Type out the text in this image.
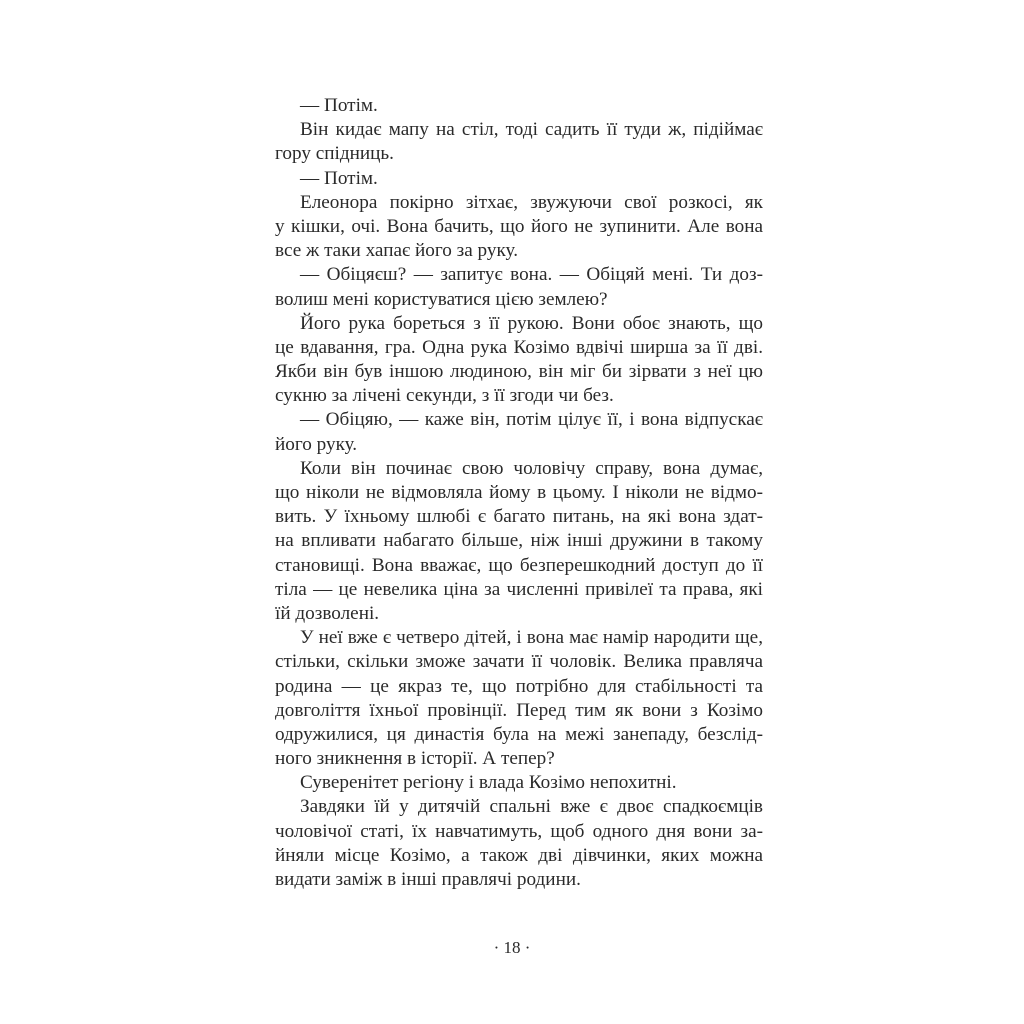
— Потім.
Він кидає мапу на стіл, тоді садить її туди ж, підіймає
гору спідниць.
— Потім.
Елеонора покірно зітхає, звужуючи свої розкосі, як
у кішки, очі. Вона бачить, що його не зупинити. Але вона
все ж таки хапає його за руку.
— Обіцяєш? — запитує вона. — Обіцяй мені. Ти доз-
волиш мені користуватися цією землею?
Його рука бореться з її рукою. Вони обоє знають, що
це вдавання, гра. Одна рука Козімо вдвічі ширша за її дві.
Якби він був іншою людиною, він міг би зірвати з неї цю
сукню за лічені секунди, з її згоди чи без.
— Обіцяю, — каже він, потім цілує її, і вона відпускає
його руку.
Коли він починає свою чоловічу справу, вона думає,
що ніколи не відмовляла йому в цьому. І ніколи не відмо-
вить. У їхньому шлюбі є багато питань, на які вона здат-
на впливати набагато більше, ніж інші дружини в такому
становищі. Вона вважає, що безперешкодний доступ до її
тіла — це невелика ціна за численні привілеї та права, які
їй дозволені.
У неї вже є четверо дітей, і вона має намір народити ще,
стільки, скільки зможе зачати її чоловік. Велика правляча
родина — це якраз те, що потрібно для стабільності та
довголіття їхньої провінції. Перед тим як вони з Козімо
одружилися, ця династія була на межі занепаду, безслід-
ного зникнення в історії. А тепер?
Суверенітет регіону і влада Козімо непохитні.
Завдяки їй у дитячій спальні вже є двоє спадкоємців
чоловічої статі, їх навчатимуть, щоб одного дня вони за-
йняли місце Козімо, а також дві дівчинки, яких можна
видати заміж в інші правлячі родини.
· 18 ·
